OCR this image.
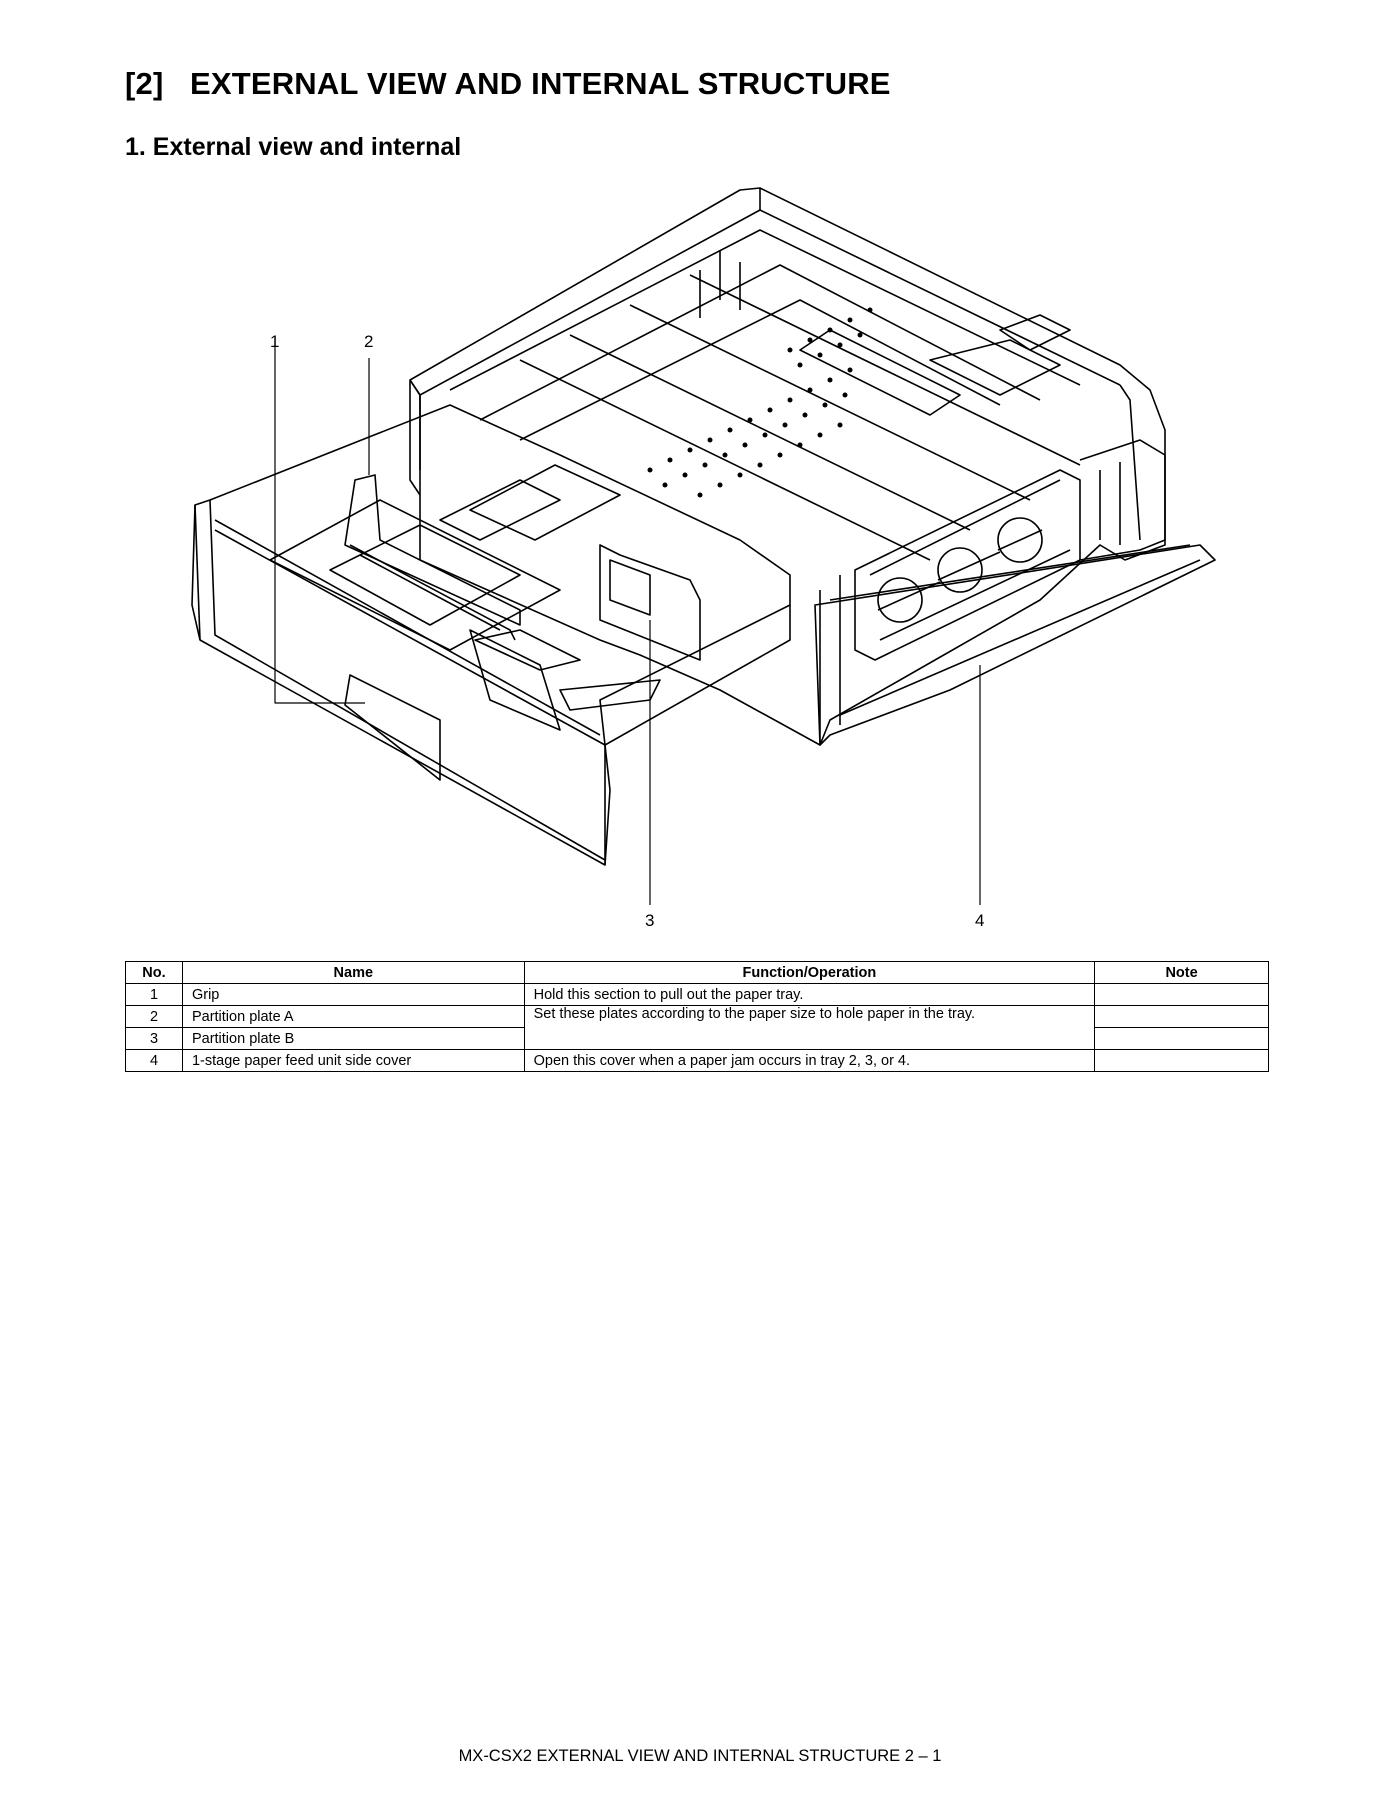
[2] EXTERNAL VIEW AND INTERNAL STRUCTURE
1. External view and internal
1	2
3	4
No.	Name	Function/Operation	Note
1	Grip	Hold this section to pull out the paper tray.	
2	Partition plate A	Set these plates according to the paper size to hole paper in the tray.	
3	Partition plate B		
4	1-stage paper feed unit side cover	Open this cover when a paper jam occurs in tray 2, 3, or 4.	
MX-CSX2 EXTERNAL VIEW AND INTERNAL STRUCTURE 2 – 1
